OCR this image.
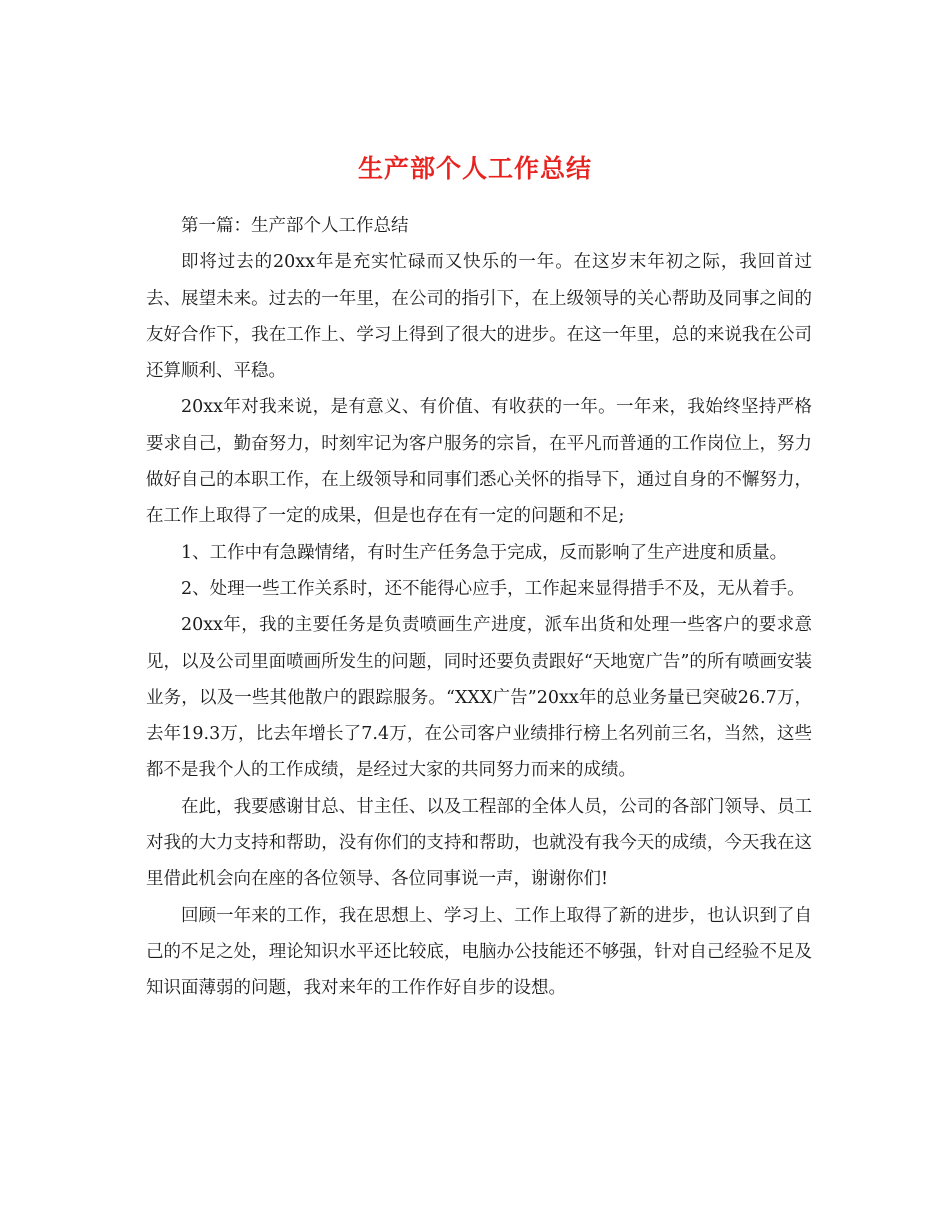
生产部个人工作总结

第一篇：生产部个人工作总结

即将过去的20xx年是充实忙碌而又快乐的一年。在这岁末年初之际，我回首过去、展望未来。过去的一年里，在公司的指引下，在上级领导的关心帮助及同事之间的友好合作下，我在工作上、学习上得到了很大的进步。在这一年里，总的来说我在公司还算顺利、平稳。

20xx年对我来说，是有意义、有价值、有收获的一年。一年来，我始终坚持严格要求自己，勤奋努力，时刻牢记为客户服务的宗旨，在平凡而普通的工作岗位上，努力做好自己的本职工作，在上级领导和同事们悉心关怀的指导下，通过自身的不懈努力，在工作上取得了一定的成果，但是也存在有一定的问题和不足;

1、工作中有急躁情绪，有时生产任务急于完成，反而影响了生产进度和质量。

2、处理一些工作关系时，还不能得心应手，工作起来显得措手不及，无从着手。

20xx年，我的主要任务是负责喷画生产进度，派车出货和处理一些客户的要求意见，以及公司里面喷画所发生的问题，同时还要负责跟好“天地宽广告”的所有喷画安装业务，以及一些其他散户的跟踪服务。“XXX广告”20xx年的总业务量已突破26.7万，去年19.3万，比去年增长了7.4万，在公司客户业绩排行榜上名列前三名，当然，这些都不是我个人的工作成绩，是经过大家的共同努力而来的成绩。

在此，我要感谢甘总、甘主任、以及工程部的全体人员，公司的各部门领导、员工对我的大力支持和帮助，没有你们的支持和帮助，也就没有我今天的成绩，今天我在这里借此机会向在座的各位领导、各位同事说一声，谢谢你们!

回顾一年来的工作，我在思想上、学习上、工作上取得了新的进步，也认识到了自己的不足之处，理论知识水平还比较底，电脑办公技能还不够强，针对自己经验不足及知识面薄弱的问题，我对来年的工作作好自步的设想。
